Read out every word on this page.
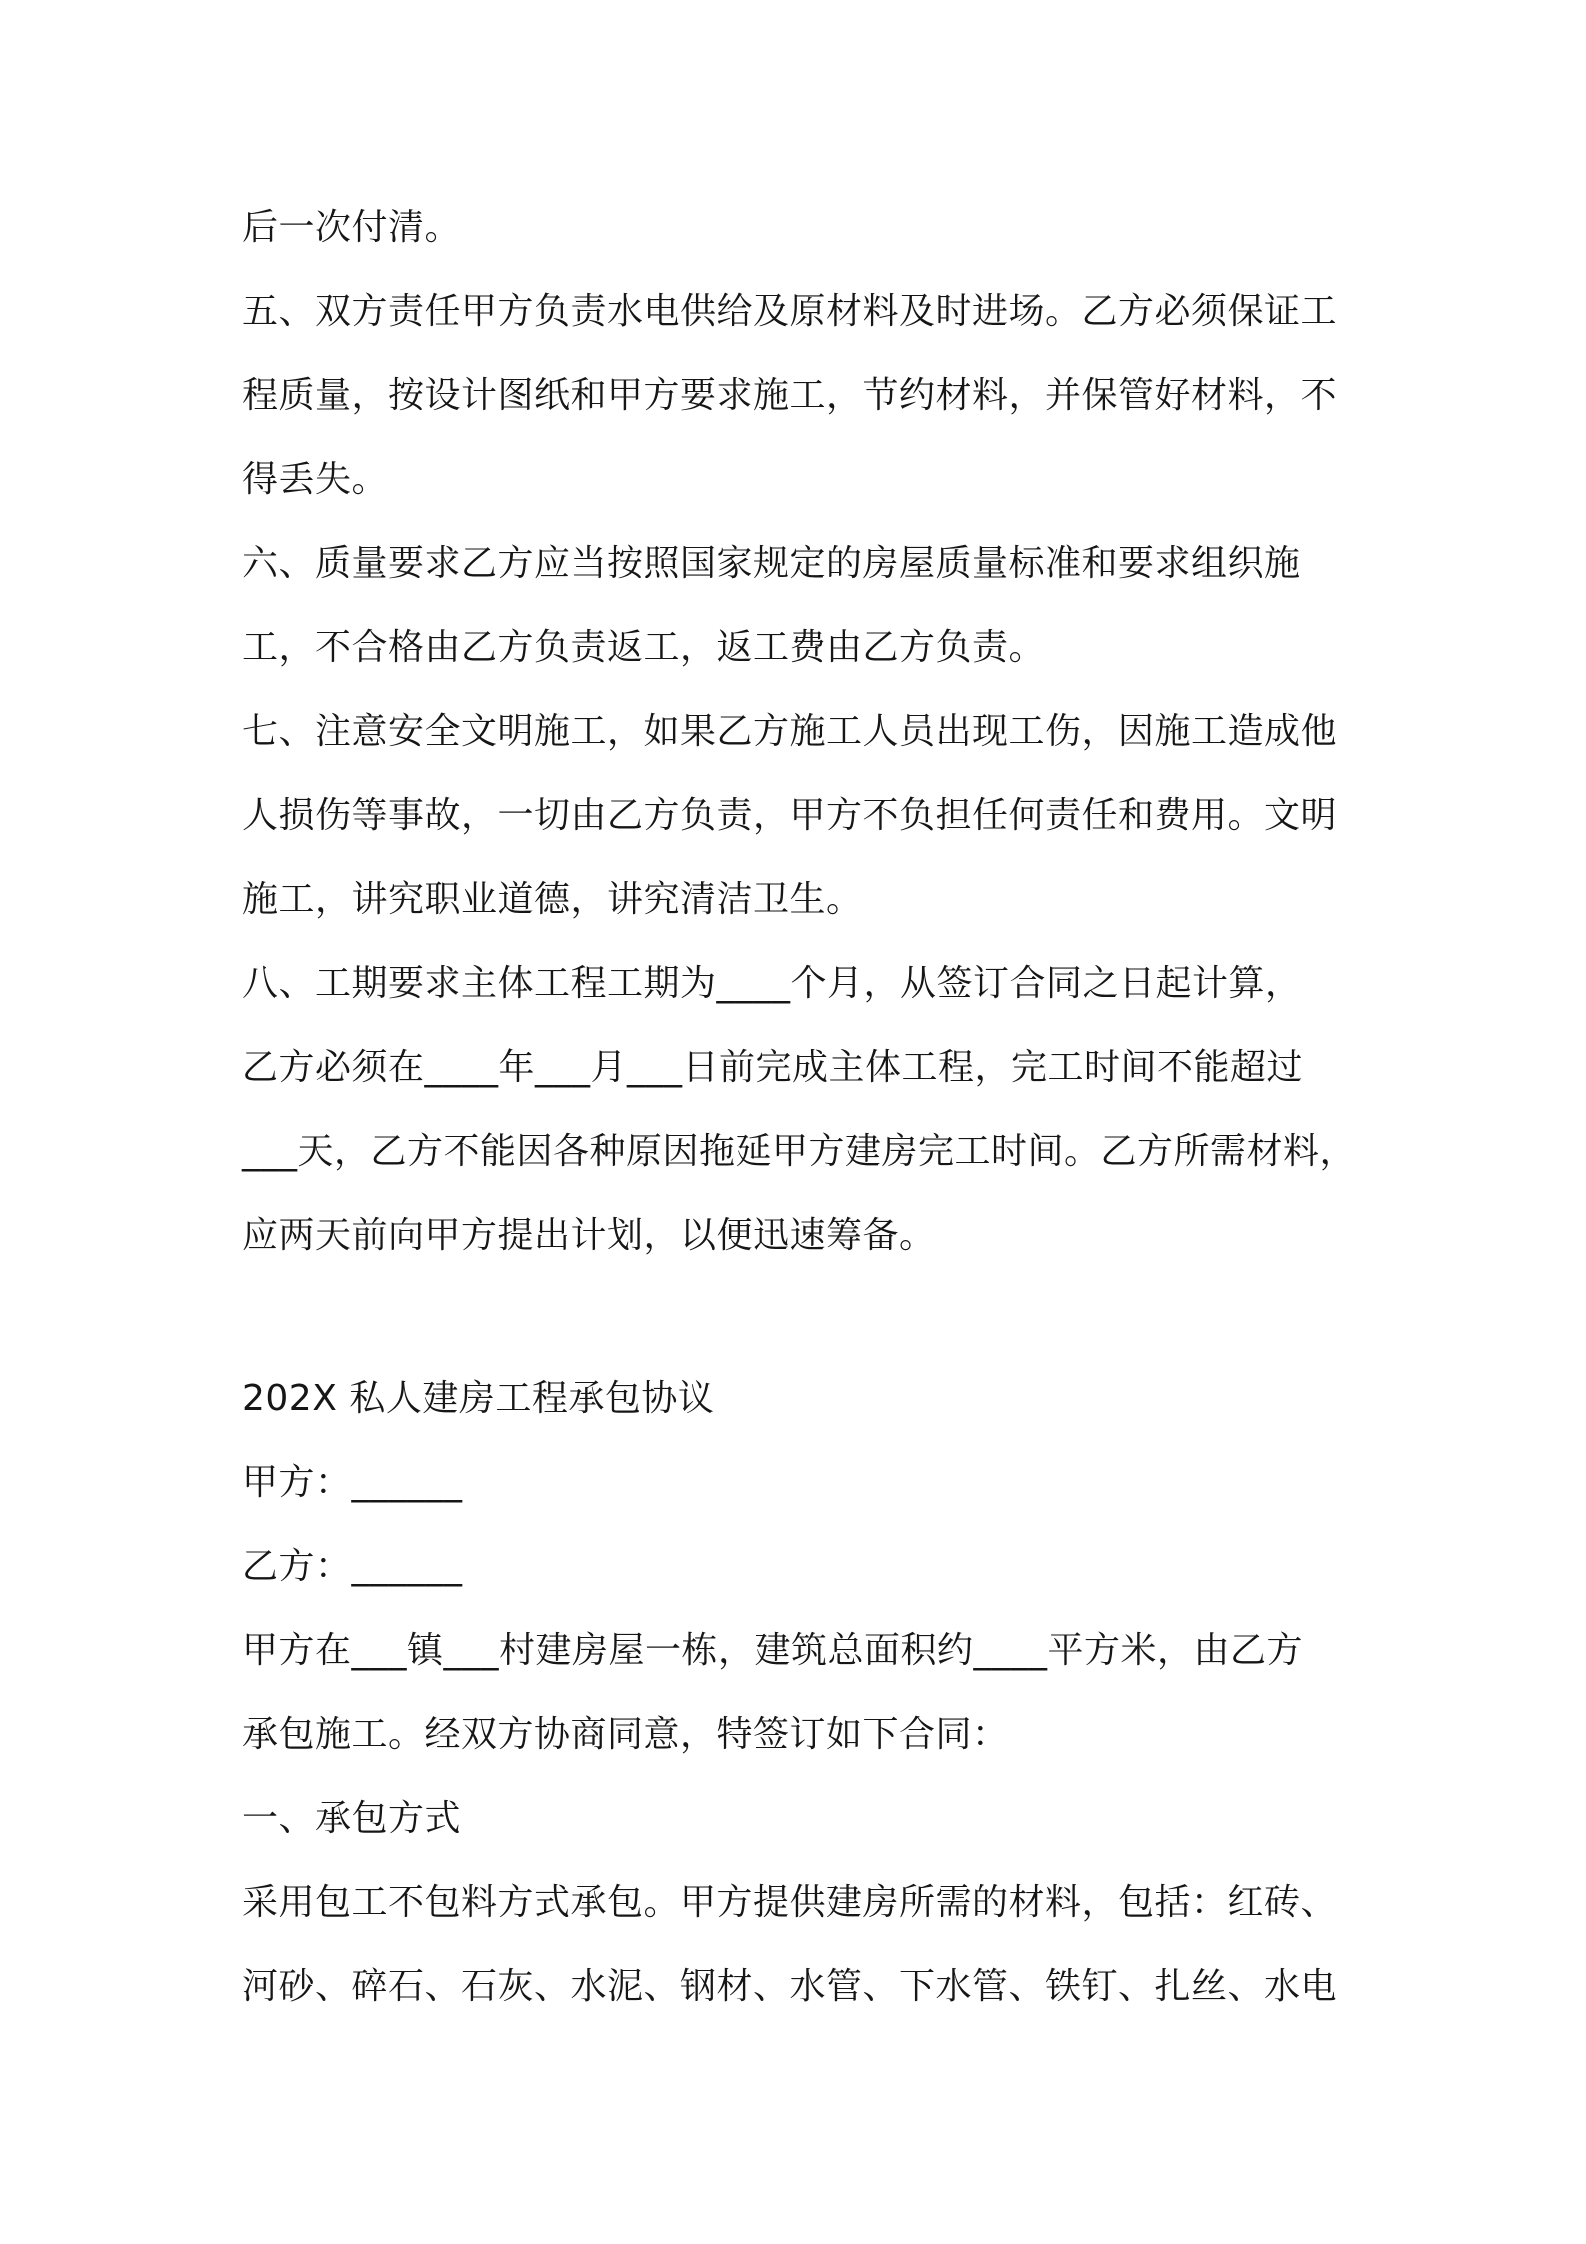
后一次付清。
五、双方责任甲方负责水电供给及原材料及时进场。乙方必须保证工
程质量，按设计图纸和甲方要求施工，节约材料，并保管好材料，不
得丢失。
六、质量要求乙方应当按照国家规定的房屋质量标准和要求组织施
工，不合格由乙方负责返工，返工费由乙方负责。
七、注意安全文明施工，如果乙方施工人员出现工伤，因施工造成他
人损伤等事故，一切由乙方负责，甲方不负担任何责任和费用。文明
施工，讲究职业道德，讲究清洁卫生。
八、工期要求主体工程工期为____个月，从签订合同之日起计算，
乙方必须在____年___月___日前完成主体工程，完工时间不能超过
___天，乙方不能因各种原因拖延甲方建房完工时间。乙方所需材料，
应两天前向甲方提出计划，以便迅速筹备。
202X 私人建房工程承包协议
甲方：______
乙方：______
甲方在___镇___村建房屋一栋，建筑总面积约____平方米，由乙方
承包施工。经双方协商同意，特签订如下合同：
一、承包方式
采用包工不包料方式承包。甲方提供建房所需的材料，包括：红砖、
河砂、碎石、石灰、水泥、钢材、水管、下水管、铁钉、扎丝、水电
